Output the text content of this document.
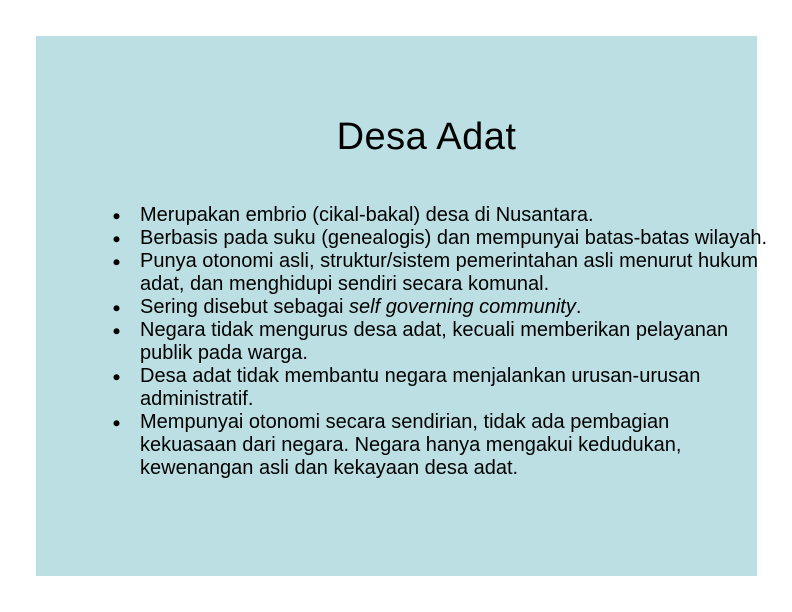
Desa Adat
⦁ Merupakan embrio (cikal-bakal) desa di Nusantara.
⦁ Berbasis pada suku (genealogis) dan mempunyai batas-batas wilayah.
⦁ Punya otonomi asli, struktur/sistem pemerintahan asli menurut hukum adat, dan menghidupi sendiri secara komunal.
⦁ Sering disebut sebagai self governing community.
⦁ Negara tidak mengurus desa adat, kecuali memberikan pelayanan publik pada warga.
⦁ Desa adat tidak membantu negara menjalankan urusan-urusan administratif.
⦁ Mempunyai otonomi secara sendirian, tidak ada pembagian kekuasaan dari negara. Negara hanya mengakui kedudukan, kewenangan asli dan kekayaan desa adat.
